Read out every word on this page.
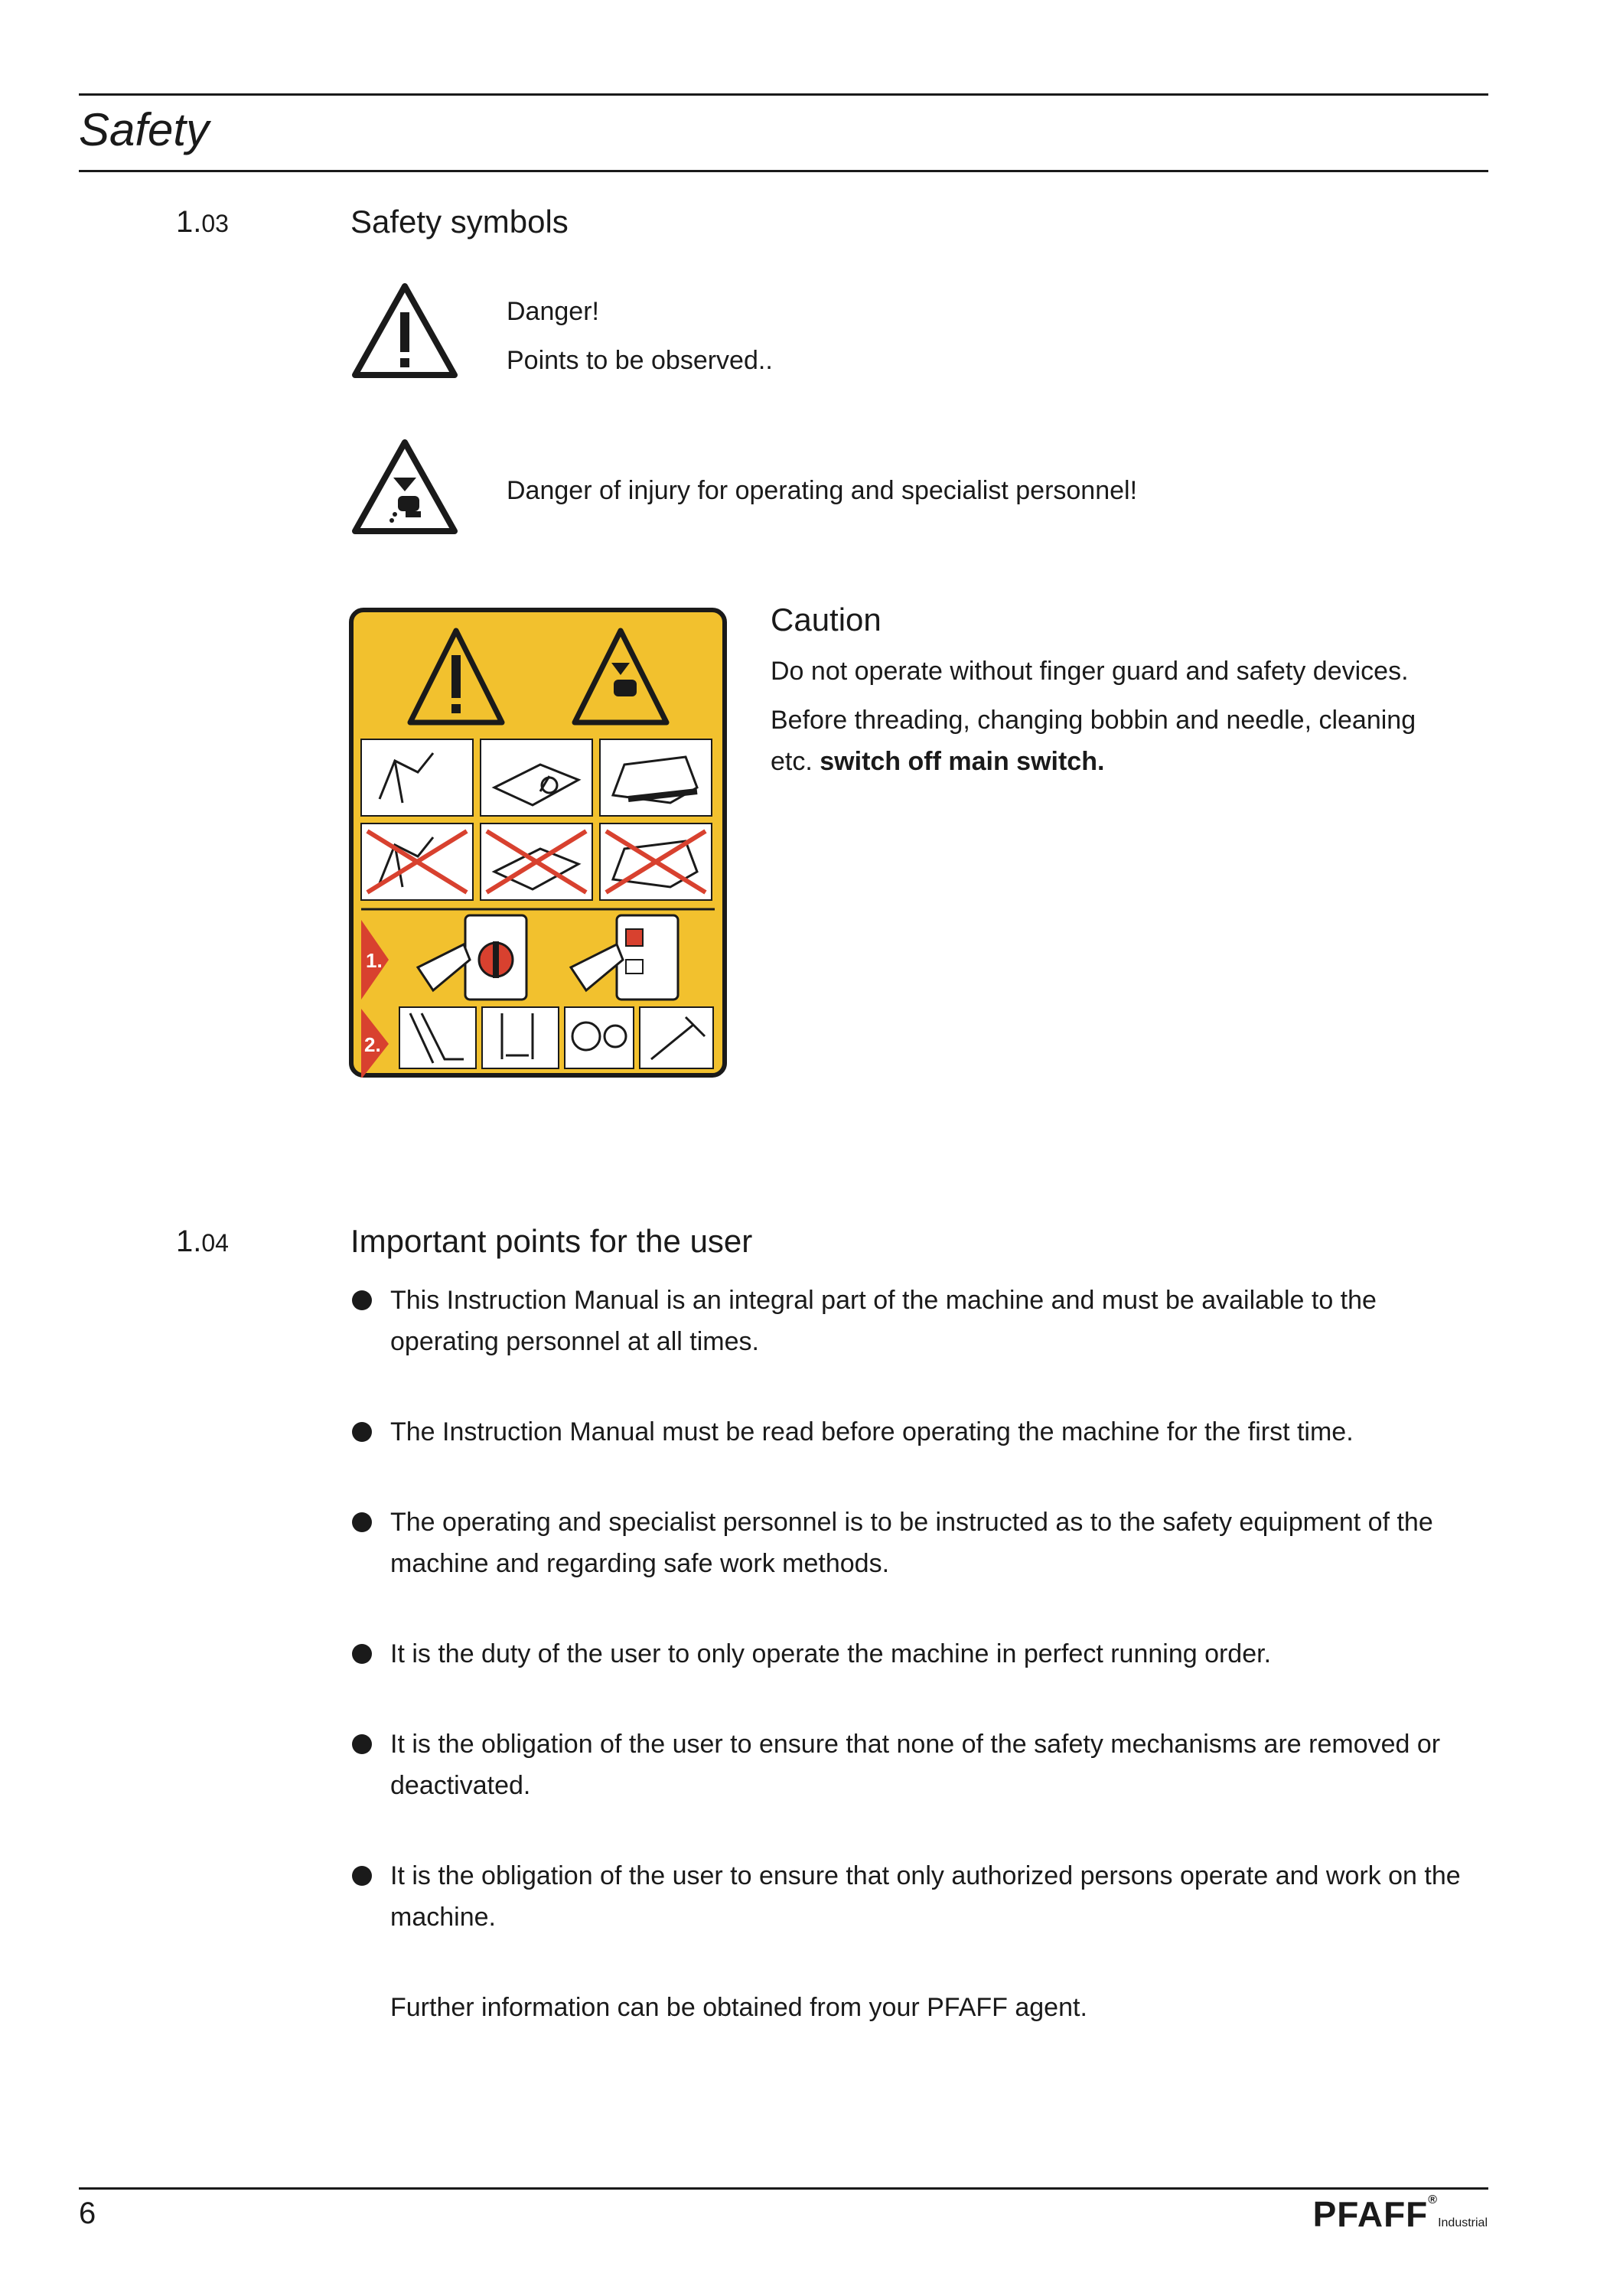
Safety
1.03	Safety symbols
Danger!
Points to be observed..
Danger of injury for operating and specialist personnel!
1.
2.
Caution
Do not operate without finger guard and safety devices.
Before threading, changing bobbin and needle, cleaning
etc. switch off main switch.
1.04	Important points for the user
This Instruction Manual is an integral part of the machine and must be available to the operating personnel at all times.
The Instruction Manual must be read before operating the machine for the first time.
The operating and specialist personnel is to be instructed as to the safety equipment of the machine and regarding safe work methods.
It is the duty of the user to only operate the machine in perfect running order.
It is the obligation of the user to ensure that none of the safety mechanisms are removed or deactivated.
It is the obligation of the user to ensure that only authorized persons operate and work on the machine.
Further information can be obtained from your PFAFF agent.
6	PFAFF®Industrial
